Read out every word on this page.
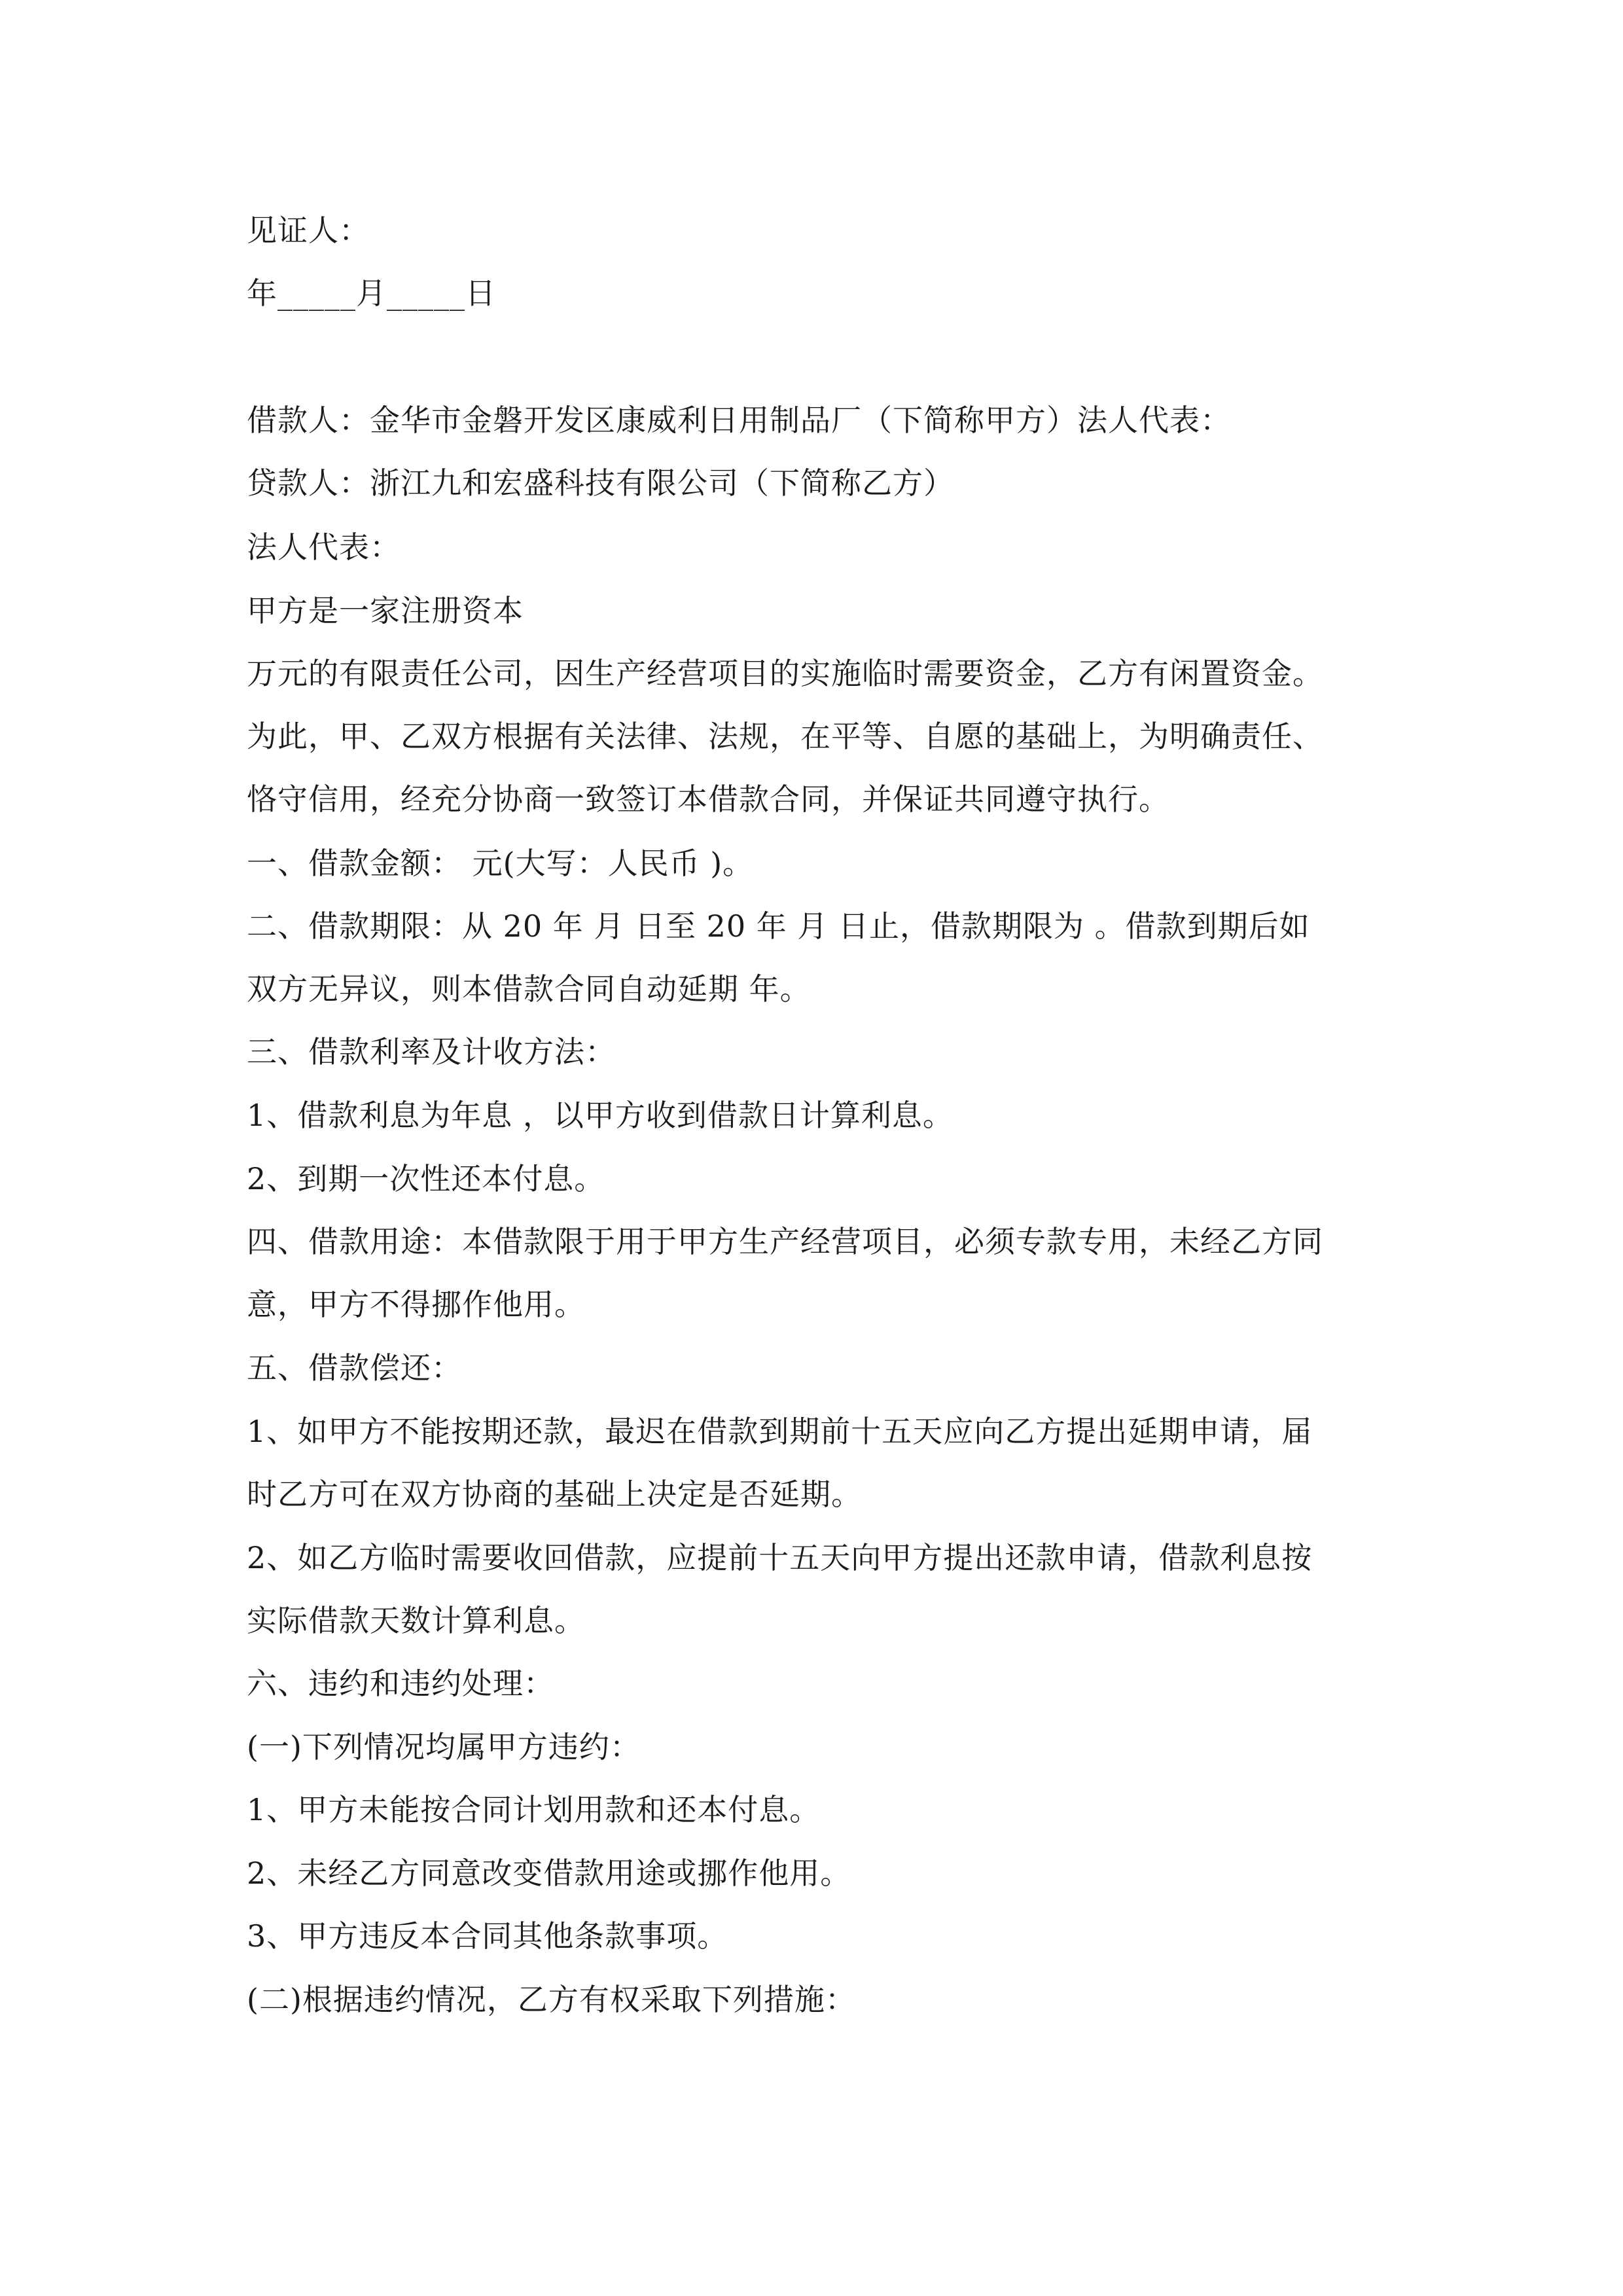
见证人：
年_____月_____日
借款人：金华市金磐开发区康威利日用制品厂（下简称甲方）法人代表：
贷款人：浙江九和宏盛科技有限公司（下简称乙方）
法人代表：
甲方是一家注册资本
万元的有限责任公司，因生产经营项目的实施临时需要资金，乙方有闲置资金。
为此，甲、乙双方根据有关法律、法规，在平等、自愿的基础上，为明确责任、
恪守信用，经充分协商一致签订本借款合同，并保证共同遵守执行。
一、借款金额： 元(大写：人民币 )。
二、借款期限：从 20 年 月 日至 20 年 月 日止，借款期限为 。借款到期后如
双方无异议，则本借款合同自动延期 年。
三、借款利率及计收方法：
1、借款利息为年息 ，以甲方收到借款日计算利息。
2、到期一次性还本付息。
四、借款用途：本借款限于用于甲方生产经营项目，必须专款专用，未经乙方同
意，甲方不得挪作他用。
五、借款偿还：
1、如甲方不能按期还款，最迟在借款到期前十五天应向乙方提出延期申请，届
时乙方可在双方协商的基础上决定是否延期。
2、如乙方临时需要收回借款，应提前十五天向甲方提出还款申请，借款利息按
实际借款天数计算利息。
六、违约和违约处理：
(一)下列情况均属甲方违约：
1、甲方未能按合同计划用款和还本付息。
2、未经乙方同意改变借款用途或挪作他用。
3、甲方违反本合同其他条款事项。
(二)根据违约情况，乙方有权采取下列措施：
